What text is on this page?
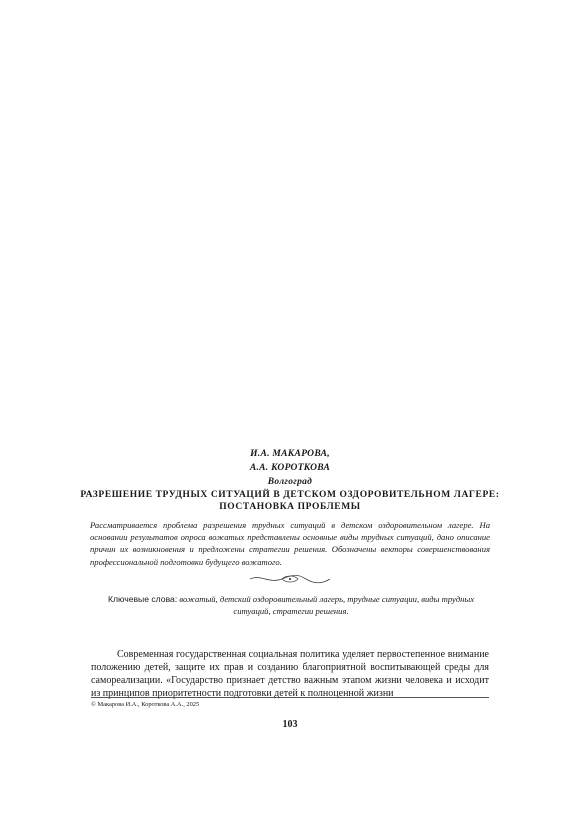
И.А. МАКАРОВА,
А.А. КОРОТКОВА
Волгоград
РАЗРЕШЕНИЕ ТРУДНЫХ СИТУАЦИЙ В ДЕТСКОМ ОЗДОРОВИТЕЛЬНОМ ЛАГЕРЕ: ПОСТАНОВКА ПРОБЛЕМЫ
Рассматривается проблема разрешения трудных ситуаций в детском оздоровительном лагере. На основании результатов опроса вожатых представлены основные виды трудных ситуаций, дано описание причин их возникновения и предложены стратегии решения. Обозначены векторы совершенствования профессиональной подготовки будущего вожатого.
Ключевые слова: вожатый, детский оздоровительный лагерь, трудные ситуации, виды трудных ситуаций, стратегии решения.

Современная государственная социальная политика уделяет первостепенное внимание положению детей, защите их прав и созданию благоприятной воспитывающей среды для самореализации. «Государство признает детство важным этапом жизни человека и исходит из принципов приоритетности подготовки детей к полноценной жизни

© Макарова И.А., Короткова А.А., 2025
103
